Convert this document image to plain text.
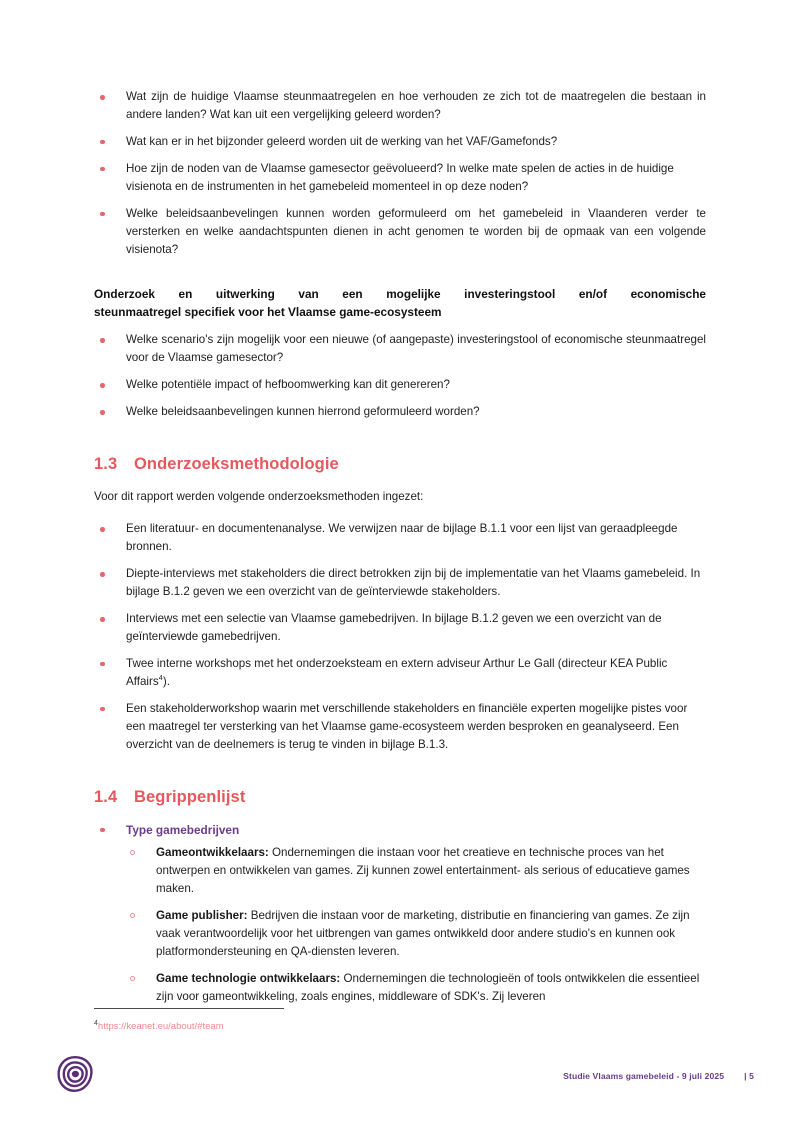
Wat zijn de huidige Vlaamse steunmaatregelen en hoe verhouden ze zich tot de maatregelen die bestaan in andere landen? Wat kan uit een vergelijking geleerd worden?
Wat kan er in het bijzonder geleerd worden uit de werking van het VAF/Gamefonds?
Hoe zijn de noden van de Vlaamse gamesector geëvolueerd? In welke mate spelen de acties in de huidige visienota en de instrumenten in het gamebeleid momenteel in op deze noden?
Welke beleidsaanbevelingen kunnen worden geformuleerd om het gamebeleid in Vlaanderen verder te versterken en welke aandachtspunten dienen in acht genomen te worden bij de opmaak van een volgende visienota?
Onderzoek en uitwerking van een mogelijke investeringstool en/of economische
steunmaatregel specifiek voor het Vlaamse game-ecosysteem
Welke scenario's zijn mogelijk voor een nieuwe (of aangepaste) investeringstool of economische steunmaatregel voor de Vlaamse gamesector?
Welke potentiële impact of hefboomwerking kan dit genereren?
Welke beleidsaanbevelingen kunnen hierrond geformuleerd worden?
1.3	Onderzoeksmethodologie

Voor dit rapport werden volgende onderzoeksmethoden ingezet:

Een literatuur- en documentenanalyse. We verwijzen naar de bijlage B.1.1 voor een lijst van geraadpleegde bronnen.
Diepte-interviews met stakeholders die direct betrokken zijn bij de implementatie van het Vlaams gamebeleid. In bijlage B.1.2 geven we een overzicht van de geïnterviewde stakeholders.
Interviews met een selectie van Vlaamse gamebedrijven. In bijlage B.1.2 geven we een overzicht van de geïnterviewde gamebedrijven.
Twee interne workshops met het onderzoeksteam en extern adviseur Arthur Le Gall (directeur KEA Public Affairs$^4$).
Een stakeholderworkshop waarin met verschillende stakeholders en financiële experten mogelijke pistes voor een maatregel ter versterking van het Vlaamse game-ecosysteem werden besproken en geanalyseerd. Een overzicht van de deelnemers is terug te vinden in bijlage B.1.3.
1.4	Begrippenlijst
Type gamebedrijven
Gameontwikkelaars: Ondernemingen die instaan voor het creatieve en technische proces van het ontwerpen en ontwikkelen van games. Zij kunnen zowel entertainment- als serious of educatieve games maken.
Game publisher: Bedrijven die instaan voor de marketing, distributie en financiering van games. Ze zijn vaak verantwoordelijk voor het uitbrengen van games ontwikkeld door andere studio's en kunnen ook platformondersteuning en QA-diensten leveren.
Game technologie ontwikkelaars: Ondernemingen die technologieën of tools ontwikkelen die essentieel zijn voor gameontwikkeling, zoals engines, middleware of SDK's. Zij leveren
$^4$https://keanet.eu/about/#team
Studie Vlaams gamebeleid - 9 juli 2025 | 5
